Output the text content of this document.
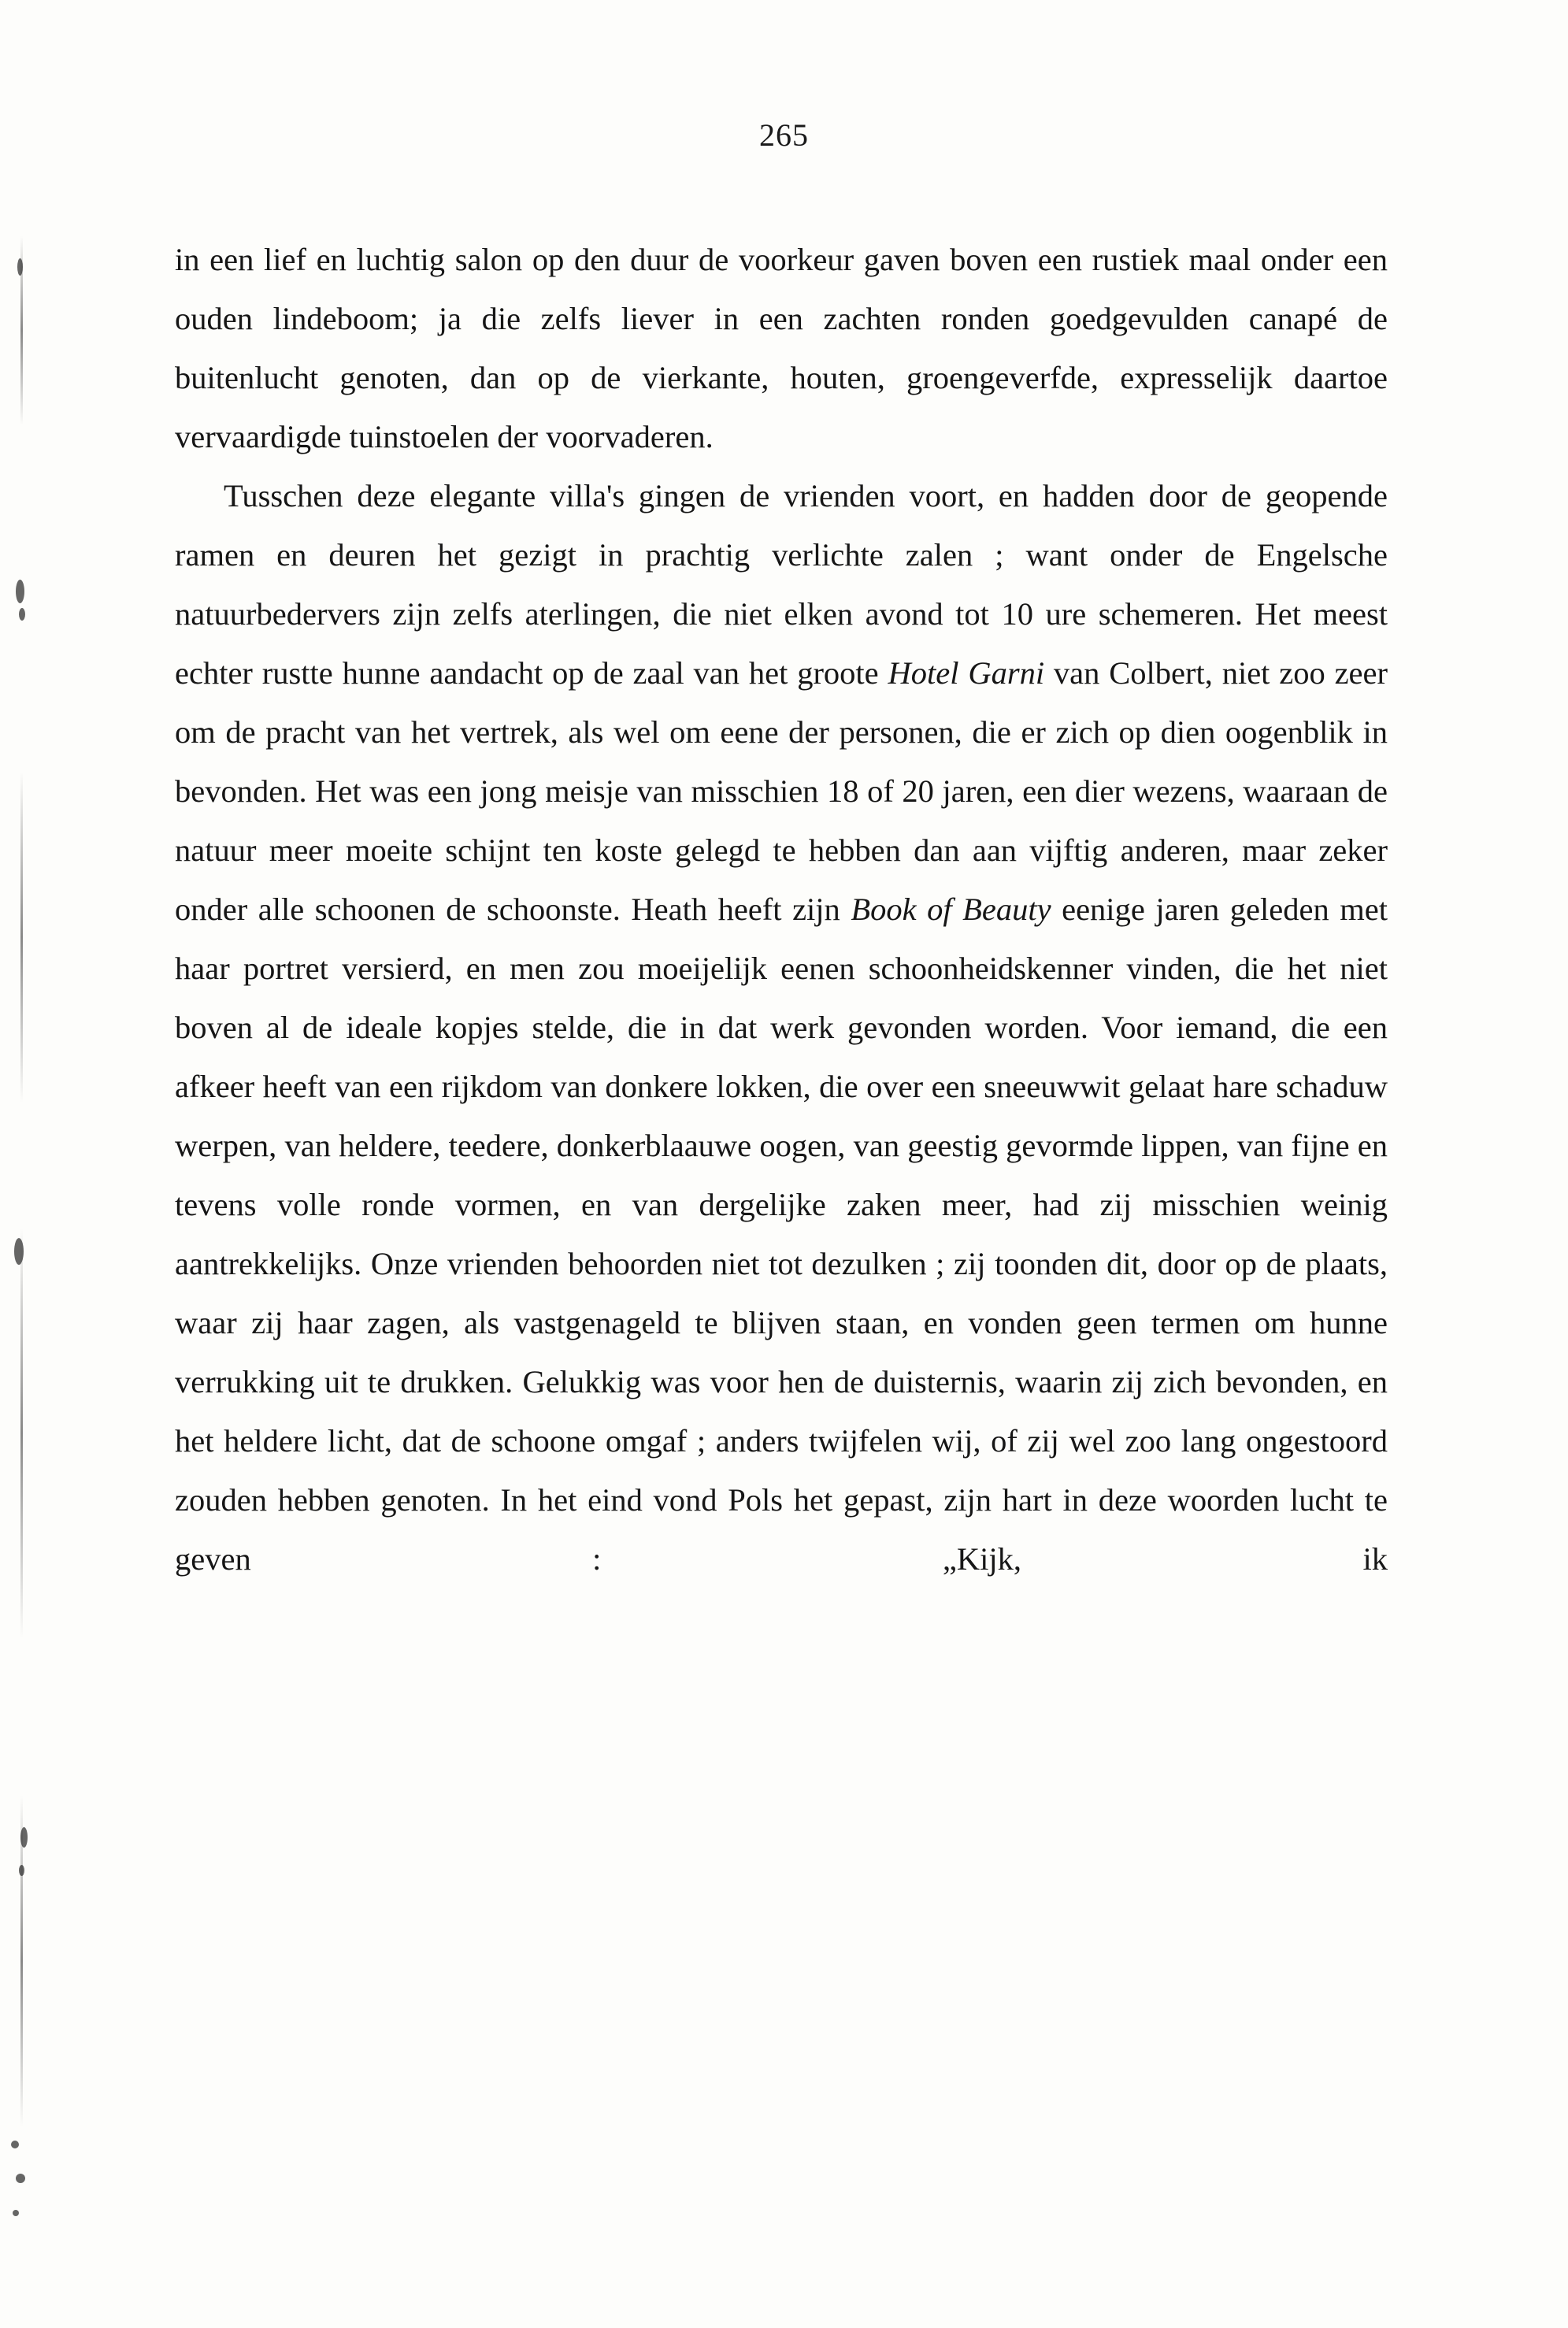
265

in een lief en luchtig salon op den duur de voorkeur gaven boven een rustiek maal onder een ouden lindeboom; ja die zelfs liever in een zachten ronden goedgevulden canapé de buitenlucht genoten, dan op de vierkante, houten, groengeverfde, expresselijk daartoe vervaardigde tuinstoelen der voorvaderen.

Tusschen deze elegante villa's gingen de vrienden voort, en hadden door de geopende ramen en deuren het gezigt in prachtig verlichte zalen ; want onder de Engelsche natuurbedervers zijn zelfs aterlingen, die niet elken avond tot 10 ure schemeren. Het meest echter rustte hunne aandacht op de zaal van het groote Hotel Garni van Colbert, niet zoo zeer om de pracht van het vertrek, als wel om eene der personen, die er zich op dien oogenblik in bevonden. Het was een jong meisje van misschien 18 of 20 jaren, een dier wezens, waaraan de natuur meer moeite schijnt ten koste gelegd te hebben dan aan vijftig anderen, maar zeker onder alle schoonen de schoonste. Heath heeft zijn Book of Beauty eenige jaren geleden met haar portret versierd, en men zou moeijelijk eenen schoonheidskenner vinden, die het niet boven al de ideale kopjes stelde, die in dat werk gevonden worden. Voor iemand, die een afkeer heeft van een rijkdom van donkere lokken, die over een sneeuwwit gelaat hare schaduw werpen, van heldere, teedere, donkerblaauwe oogen, van geestig gevormde lippen, van fijne en tevens volle ronde vormen, en van dergelijke zaken meer, had zij misschien weinig aantrekkelijks. Onze vrienden behoorden niet tot dezulken ; zij toonden dit, door op de plaats, waar zij haar zagen, als vastgenageld te blijven staan, en vonden geen termen om hunne verrukking uit te drukken. Gelukkig was voor hen de duisternis, waarin zij zich bevonden, en het heldere licht, dat de schoone omgaf ; anders twijfelen wij, of zij wel zoo lang ongestoord zouden hebben genoten. In het eind vond Pols het gepast, zijn hart in deze woorden lucht te geven : „Kijk, ik
